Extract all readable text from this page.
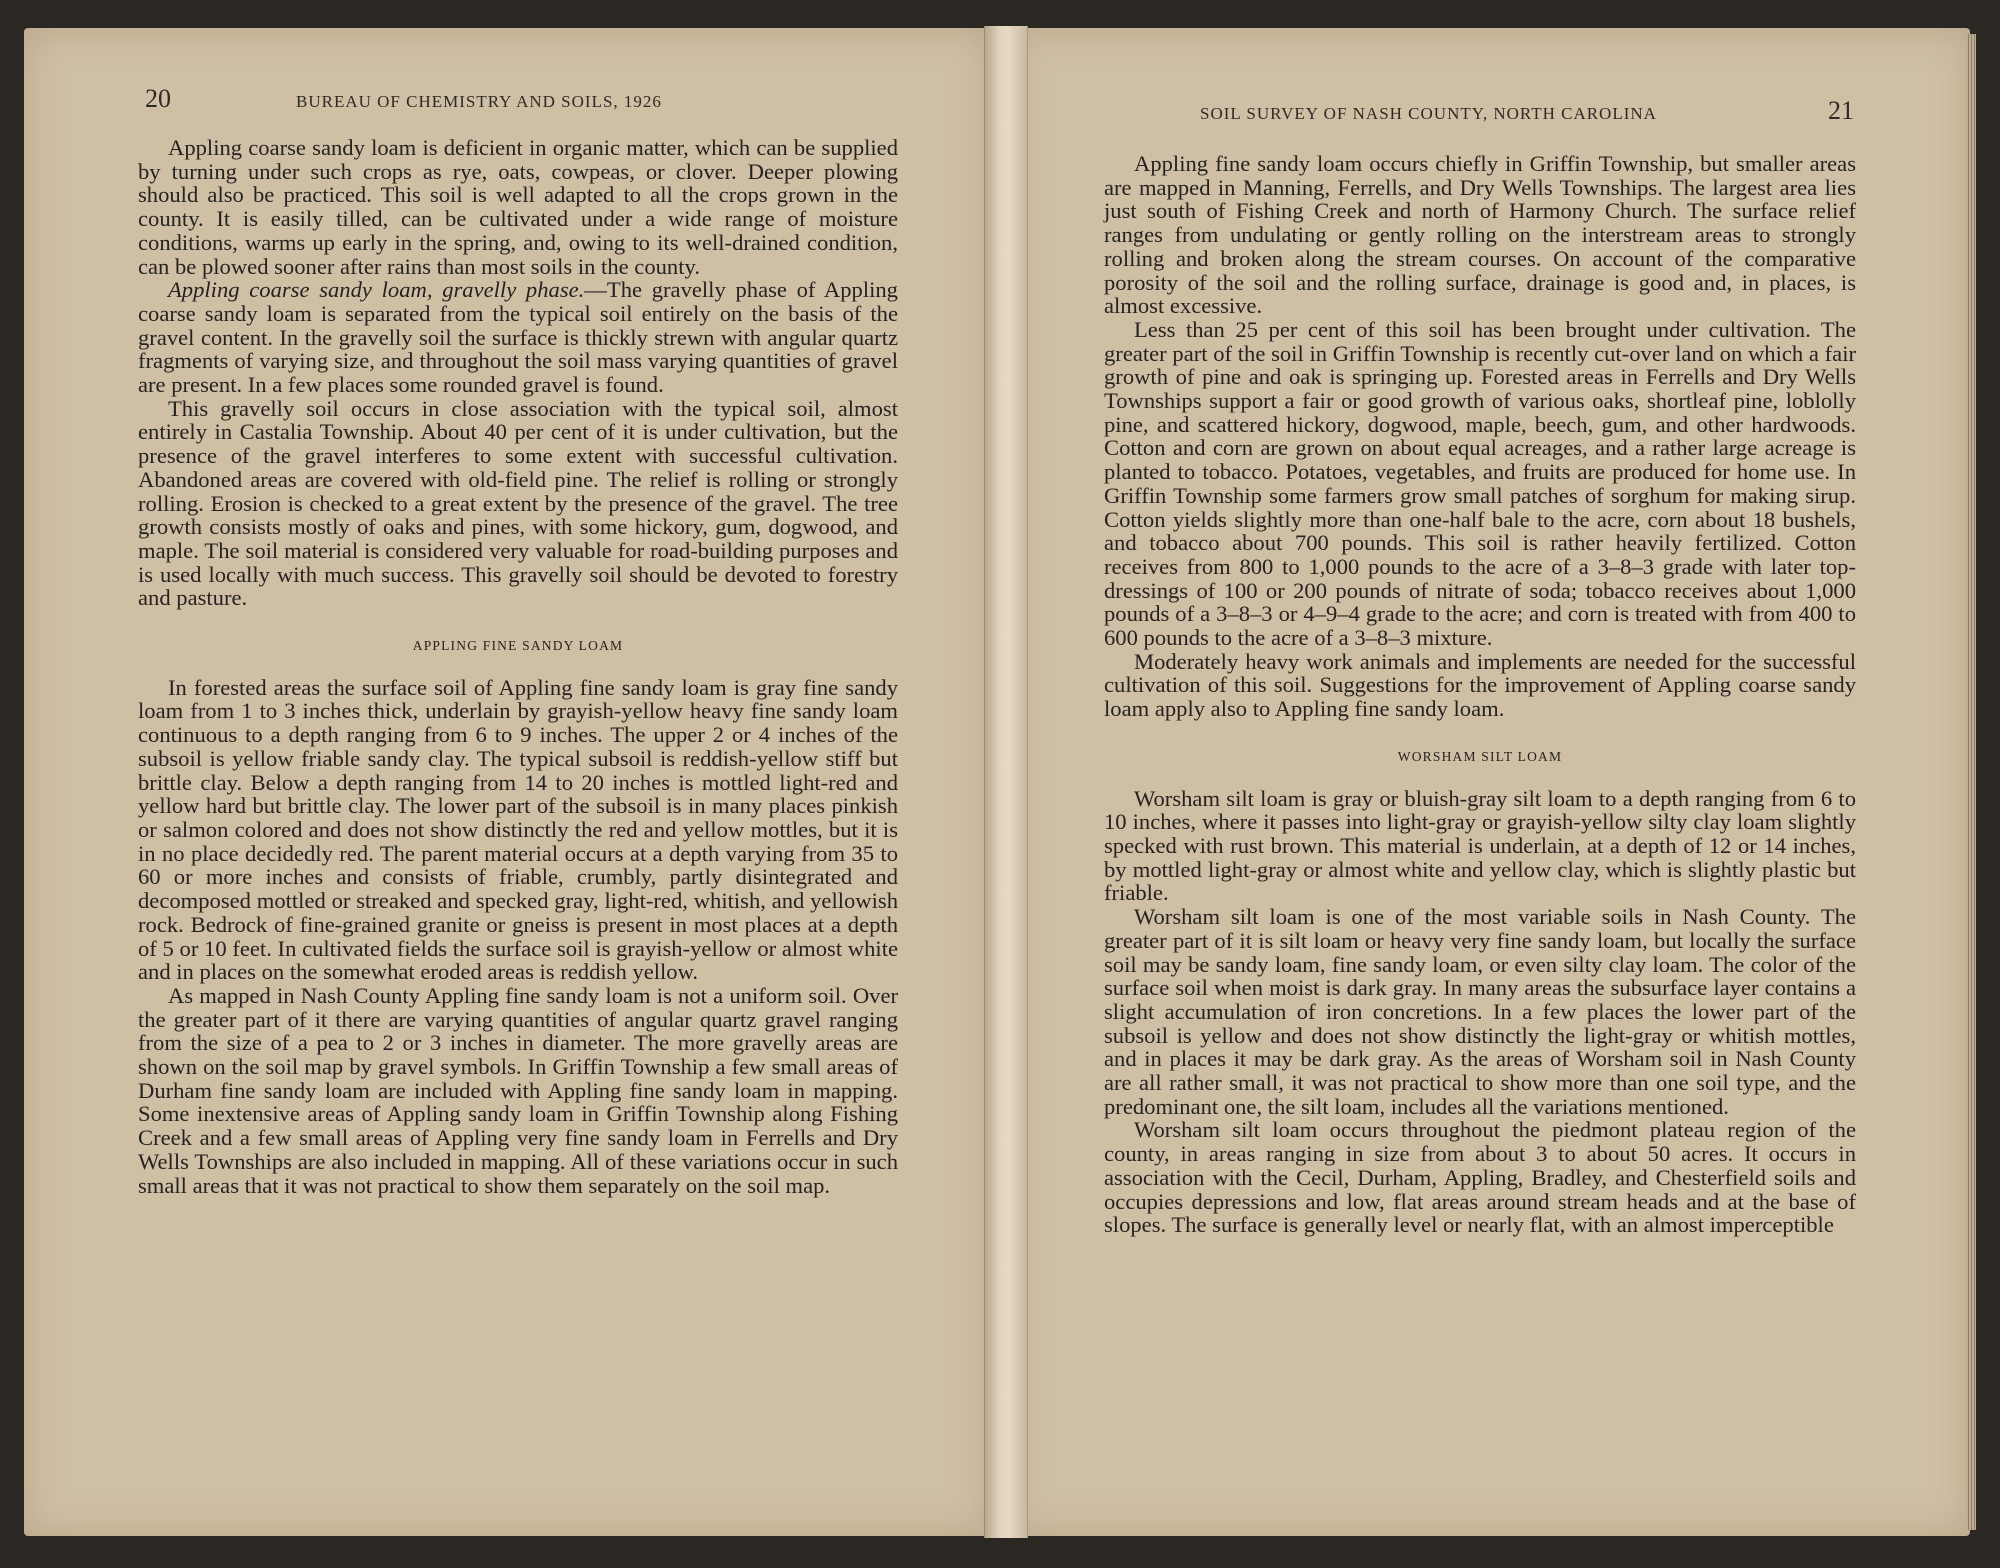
20	BUREAU OF CHEMISTRY AND SOILS, 1926

Appling coarse sandy loam is deficient in organic matter, which can be supplied by turning under such crops as rye, oats, cowpeas, or clover. Deeper plowing should also be practiced. This soil is well adapted to all the crops grown in the county. It is easily tilled, can be cultivated under a wide range of moisture conditions, warms up early in the spring, and, owing to its well-drained condition, can be plowed sooner after rains than most soils in the county.

Appling coarse sandy loam, gravelly phase.—The gravelly phase of Appling coarse sandy loam is separated from the typical soil entirely on the basis of the gravel content. In the gravelly soil the surface is thickly strewn with angular quartz fragments of varying size, and throughout the soil mass varying quantities of gravel are present. In a few places some rounded gravel is found.

This gravelly soil occurs in close association with the typical soil, almost entirely in Castalia Township. About 40 per cent of it is under cultivation, but the presence of the gravel interferes to some extent with successful cultivation. Abandoned areas are covered with old-field pine. The relief is rolling or strongly rolling. Erosion is checked to a great extent by the presence of the gravel. The tree growth consists mostly of oaks and pines, with some hickory, gum, dogwood, and maple. The soil material is considered very valuable for road-building purposes and is used locally with much success. This gravelly soil should be devoted to forestry and pasture.

APPLING FINE SANDY LOAM

In forested areas the surface soil of Appling fine sandy loam is gray fine sandy loam from 1 to 3 inches thick, underlain by grayish-yellow heavy fine sandy loam continuous to a depth ranging from 6 to 9 inches. The upper 2 or 4 inches of the subsoil is yellow friable sandy clay. The typical subsoil is reddish-yellow stiff but brittle clay. Below a depth ranging from 14 to 20 inches is mottled light-red and yellow hard but brittle clay. The lower part of the subsoil is in many places pinkish or salmon colored and does not show distinctly the red and yellow mottles, but it is in no place decidedly red. The parent material occurs at a depth varying from 35 to 60 or more inches and consists of friable, crumbly, partly disintegrated and decomposed mottled or streaked and specked gray, light-red, whitish, and yellowish rock. Bedrock of fine-grained granite or gneiss is present in most places at a depth of 5 or 10 feet. In cultivated fields the surface soil is grayish-yellow or almost white and in places on the somewhat eroded areas is reddish yellow.

As mapped in Nash County Appling fine sandy loam is not a uniform soil. Over the greater part of it there are varying quantities of angular quartz gravel ranging from the size of a pea to 2 or 3 inches in diameter. The more gravelly areas are shown on the soil map by gravel symbols. In Griffin Township a few small areas of Durham fine sandy loam are included with Appling fine sandy loam in mapping. Some inextensive areas of Appling sandy loam in Griffin Township along Fishing Creek and a few small areas of Appling very fine sandy loam in Ferrells and Dry Wells Townships are also included in mapping. All of these variations occur in such small areas that it was not practical to show them separately on the soil map.

SOIL SURVEY OF NASH COUNTY, NORTH CAROLINA	21

Appling fine sandy loam occurs chiefly in Griffin Township, but smaller areas are mapped in Manning, Ferrells, and Dry Wells Townships. The largest area lies just south of Fishing Creek and north of Harmony Church. The surface relief ranges from undulating or gently rolling on the interstream areas to strongly rolling and broken along the stream courses. On account of the comparative porosity of the soil and the rolling surface, drainage is good and, in places, is almost excessive.

Less than 25 per cent of this soil has been brought under cultivation. The greater part of the soil in Griffin Township is recently cut-over land on which a fair growth of pine and oak is springing up. Forested areas in Ferrells and Dry Wells Townships support a fair or good growth of various oaks, shortleaf pine, loblolly pine, and scattered hickory, dogwood, maple, beech, gum, and other hardwoods. Cotton and corn are grown on about equal acreages, and a rather large acreage is planted to tobacco. Potatoes, vegetables, and fruits are produced for home use. In Griffin Township some farmers grow small patches of sorghum for making sirup. Cotton yields slightly more than one-half bale to the acre, corn about 18 bushels, and tobacco about 700 pounds. This soil is rather heavily fertilized. Cotton receives from 800 to 1,000 pounds to the acre of a 3–8–3 grade with later top-dressings of 100 or 200 pounds of nitrate of soda; tobacco receives about 1,000 pounds of a 3–8–3 or 4–9–4 grade to the acre; and corn is treated with from 400 to 600 pounds to the acre of a 3–8–3 mixture.

Moderately heavy work animals and implements are needed for the successful cultivation of this soil. Suggestions for the improvement of Appling coarse sandy loam apply also to Appling fine sandy loam.

WORSHAM SILT LOAM

Worsham silt loam is gray or bluish-gray silt loam to a depth ranging from 6 to 10 inches, where it passes into light-gray or grayish-yellow silty clay loam slightly specked with rust brown. This material is underlain, at a depth of 12 or 14 inches, by mottled light-gray or almost white and yellow clay, which is slightly plastic but friable.

Worsham silt loam is one of the most variable soils in Nash County. The greater part of it is silt loam or heavy very fine sandy loam, but locally the surface soil may be sandy loam, fine sandy loam, or even silty clay loam. The color of the surface soil when moist is dark gray. In many areas the subsurface layer contains a slight accumulation of iron concretions. In a few places the lower part of the subsoil is yellow and does not show distinctly the light-gray or whitish mottles, and in places it may be dark gray. As the areas of Worsham soil in Nash County are all rather small, it was not practical to show more than one soil type, and the predominant one, the silt loam, includes all the variations mentioned.

Worsham silt loam occurs throughout the piedmont plateau region of the county, in areas ranging in size from about 3 to about 50 acres. It occurs in association with the Cecil, Durham, Appling, Bradley, and Chesterfield soils and occupies depressions and low, flat areas around stream heads and at the base of slopes. The surface is generally level or nearly flat, with an almost imperceptible
